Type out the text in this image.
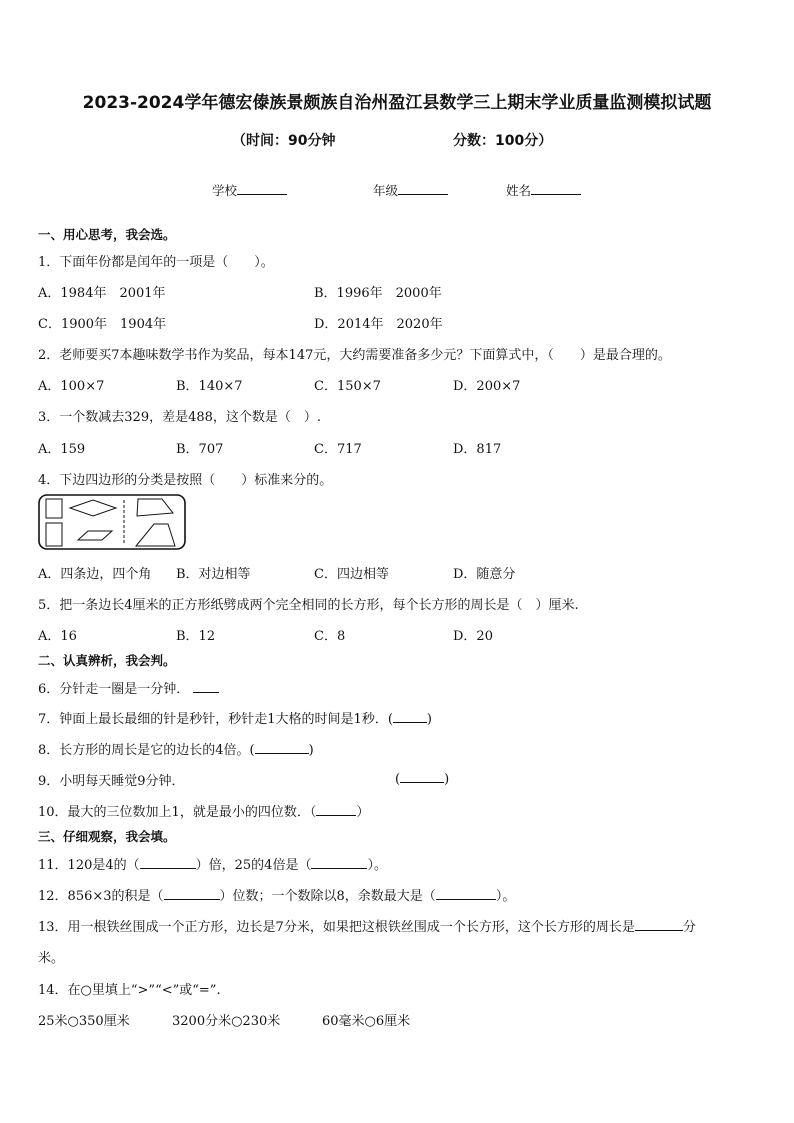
2023-2024学年德宏傣族景颇族自治州盈江县数学三上期末学业质量监测模拟试题
（时间：90分钟	分数：100分）
学校	年级	姓名
一、用心思考，我会选。
1．下面年份都是闰年的一项是（　　）。
A．1984年　2001年	B．1996年　2000年
C．1900年　1904年	D．2014年　2020年
2．老师要买7本趣味数学书作为奖品，每本147元，大约需要准备多少元？下面算式中，（　　）是最合理的。
A．100×7	B．140×7	C．150×7	D．200×7
3．一个数减去329，差是488，这个数是（　）.
A．159	B．707	C．717	D．817
4．下边四边形的分类是按照（　　）标准来分的。
A．四条边，四个角 B．对边相等	C．四边相等	D．随意分
5．把一条边长4厘米的正方形纸劈成两个完全相同的长方形，每个长方形的周长是（　）厘米.
A．16	B．12	C．8	D．20
二、认真辨析，我会判。
6．分针走一圈是一分钟．
7．钟面上最长最细的针是秒针，秒针走1大格的时间是1秒．(	)
8．长方形的周长是它的边长的4倍。(	)
9．小明每天睡觉9分钟．	(	)
10．最大的三位数加上1，就是最小的四位数．（	）
三、仔细观察，我会填。
11．120是4的（	）倍，25的4倍是（	）。
12．856×3的积是（	）位数；一个数除以8，余数最大是（	）。
13．用一根铁丝围成一个正方形，边长是7分米，如果把这根铁丝围成一个长方形，这个长方形的周长是	分
米。
14．在○里填上“>”“<”或“=”.
25米○350厘米	3200分米○230米	60毫米○6厘米
